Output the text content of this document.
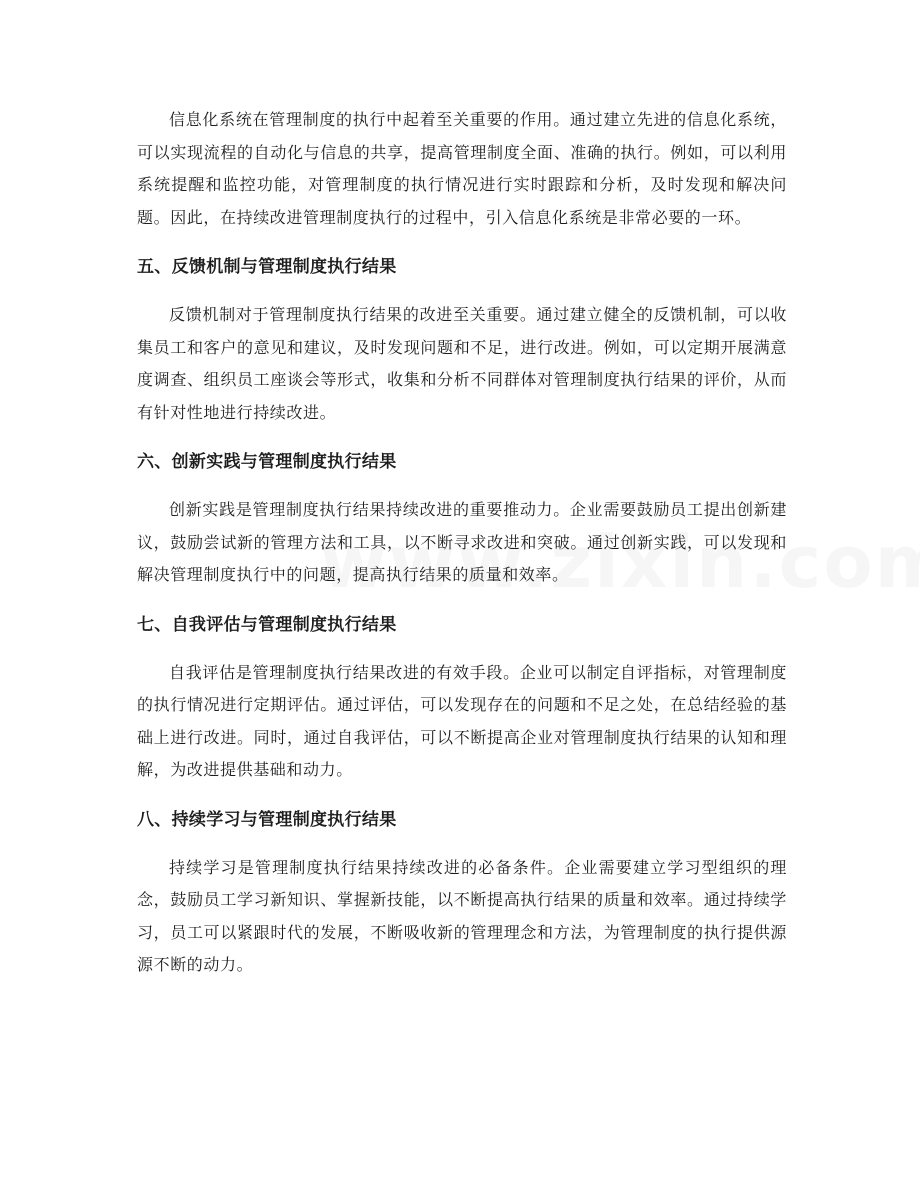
信息化系统在管理制度的执行中起着至关重要的作用。通过建立先进的信息化系统，可以实现流程的自动化与信息的共享，提高管理制度全面、准确的执行。例如，可以利用系统提醒和监控功能，对管理制度的执行情况进行实时跟踪和分析，及时发现和解决问题。因此，在持续改进管理制度执行的过程中，引入信息化系统是非常必要的一环。

五、反馈机制与管理制度执行结果

反馈机制对于管理制度执行结果的改进至关重要。通过建立健全的反馈机制，可以收集员工和客户的意见和建议，及时发现问题和不足，进行改进。例如，可以定期开展满意度调查、组织员工座谈会等形式，收集和分析不同群体对管理制度执行结果的评价，从而有针对性地进行持续改进。

六、创新实践与管理制度执行结果

创新实践是管理制度执行结果持续改进的重要推动力。企业需要鼓励员工提出创新建议，鼓励尝试新的管理方法和工具，以不断寻求改进和突破。通过创新实践，可以发现和解决管理制度执行中的问题，提高执行结果的质量和效率。

七、自我评估与管理制度执行结果

自我评估是管理制度执行结果改进的有效手段。企业可以制定自评指标，对管理制度的执行情况进行定期评估。通过评估，可以发现存在的问题和不足之处，在总结经验的基础上进行改进。同时，通过自我评估，可以不断提高企业对管理制度执行结果的认知和理解，为改进提供基础和动力。

八、持续学习与管理制度执行结果

持续学习是管理制度执行结果持续改进的必备条件。企业需要建立学习型组织的理念，鼓励员工学习新知识、掌握新技能，以不断提高执行结果的质量和效率。通过持续学习，员工可以紧跟时代的发展，不断吸收新的管理理念和方法，为管理制度的执行提供源源不断的动力。
